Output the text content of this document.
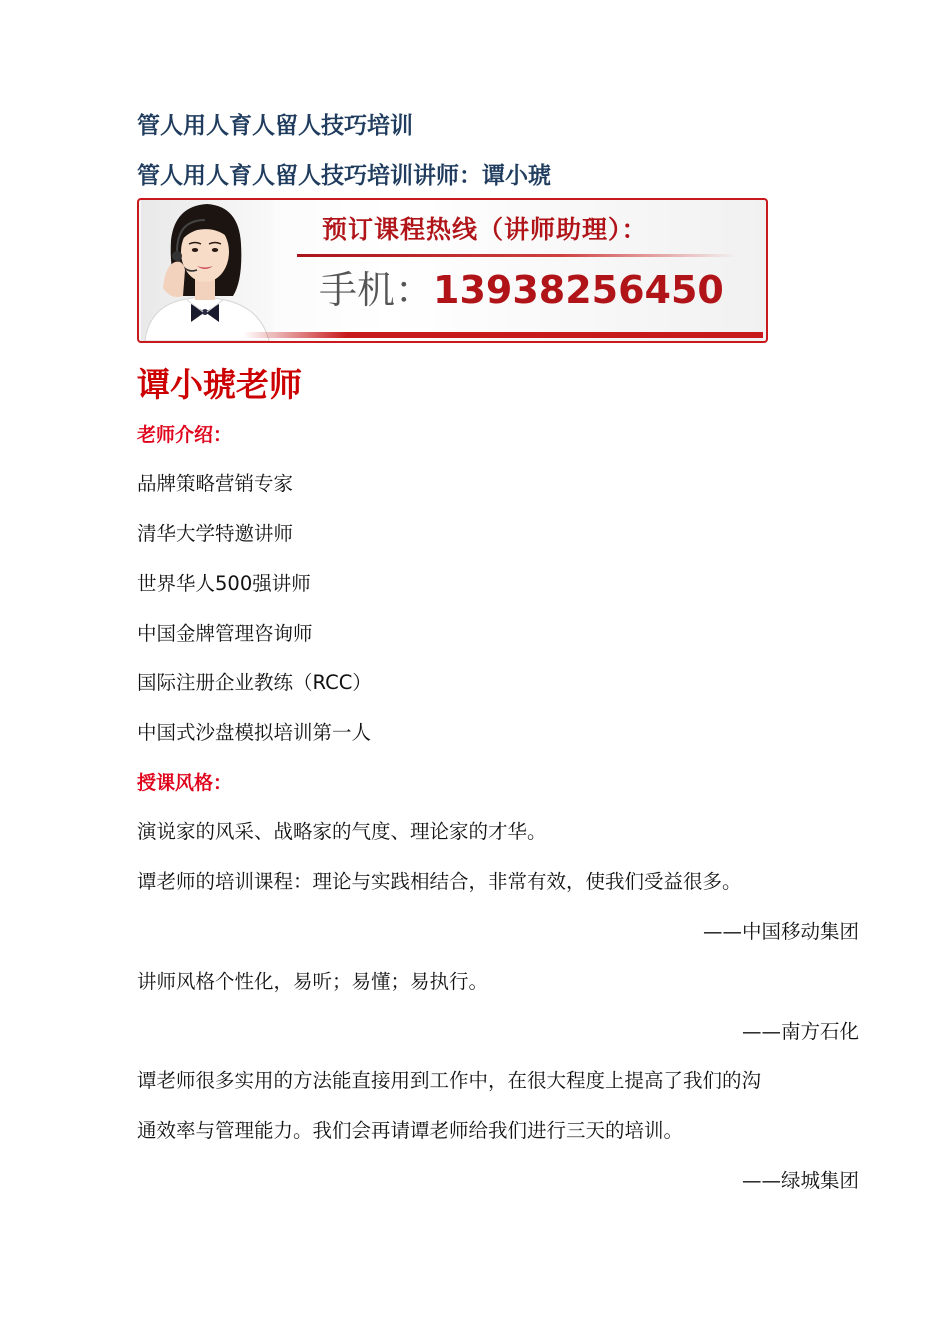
管人用人育人留人技巧培训
管人用人育人留人技巧培训讲师：谭小琥
预订课程热线（讲师助理）：
手机：13938256450
谭小琥老师
老师介绍：
品牌策略营销专家
清华大学特邀讲师
世界华人500强讲师
中国金牌管理咨询师
国际注册企业教练（RCC）
中国式沙盘模拟培训第一人
授课风格：
演说家的风采、战略家的气度、理论家的才华。
谭老师的培训课程：理论与实践相结合，非常有效，使我们受益很多。
——中国移动集团
讲师风格个性化，易听；易懂；易执行。
——南方石化
谭老师很多实用的方法能直接用到工作中，在很大程度上提高了我们的沟
通效率与管理能力。我们会再请谭老师给我们进行三天的培训。
——绿城集团
